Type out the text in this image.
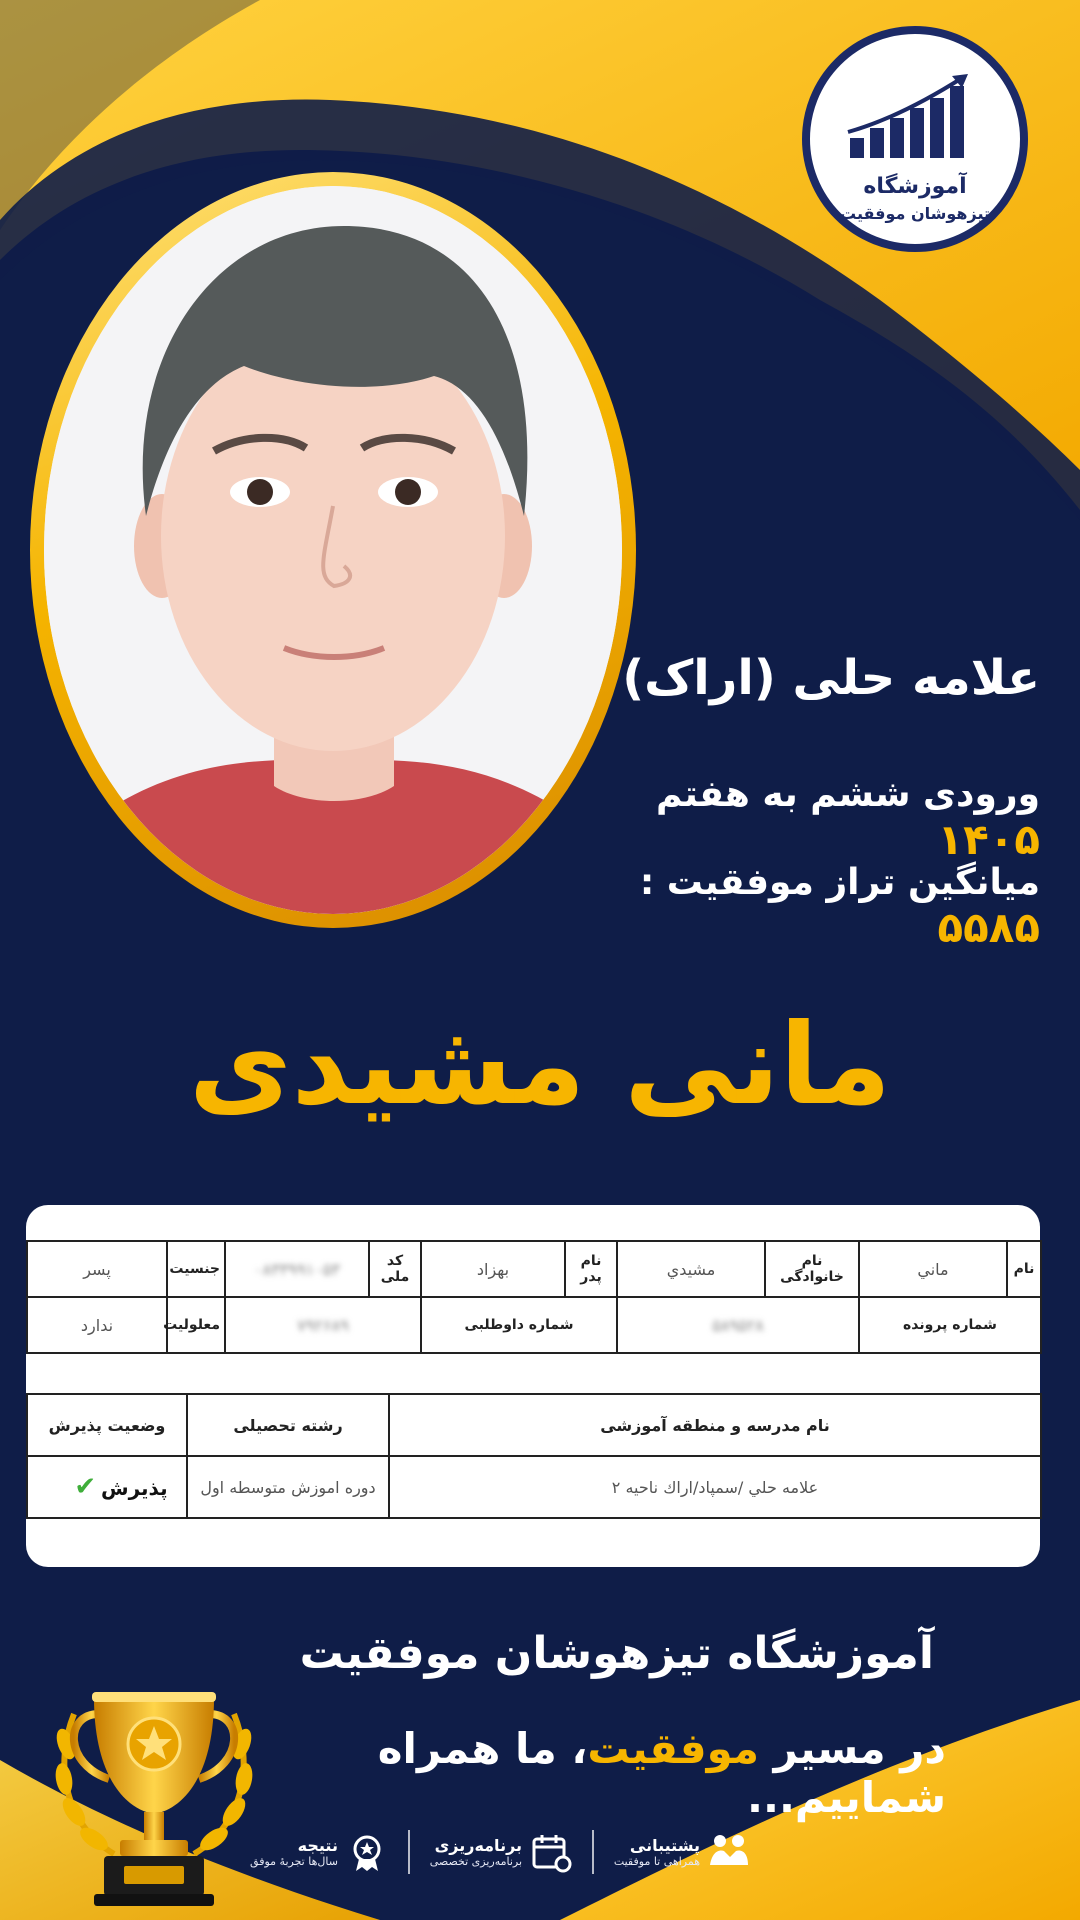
آموزشگاه
تیزهوشان موفقیت
علامه حلی (اراک)
ورودی ششم به هفتم ۱۴۰۵
میانگین تراز موفقیت : ۵۵۸۵
مانی مشیدی
نام	ماني	نام خانوادگی	مشيدي	نام پدر	بهزاد	کد ملی	۰۸۳۳۹۹۱۰۵۳	جنسیت	پسر
شماره پرونده		۵۸۹۵۲۸		شماره داوطلبی		۷۹۲۶۸۹		معلولیت	ندارد
نام مدرسه و منطقه آموزشی	رشته تحصیلی	وضعیت پذیرش
علامه حلي /سمپاد/اراك ناحيه ۲	دوره اموزش متوسطه اول	پذیرش ✔
آموزشگاه تیزهوشان موفقیت
در مسیر موفقیت، ما همراه شماییم...
پشتیبانی
همراهی تا موفقیت
برنامه‌ریزی
برنامه‌ریزی تخصصی
نتیجه
سال‌ها تجربهٔ موفق
